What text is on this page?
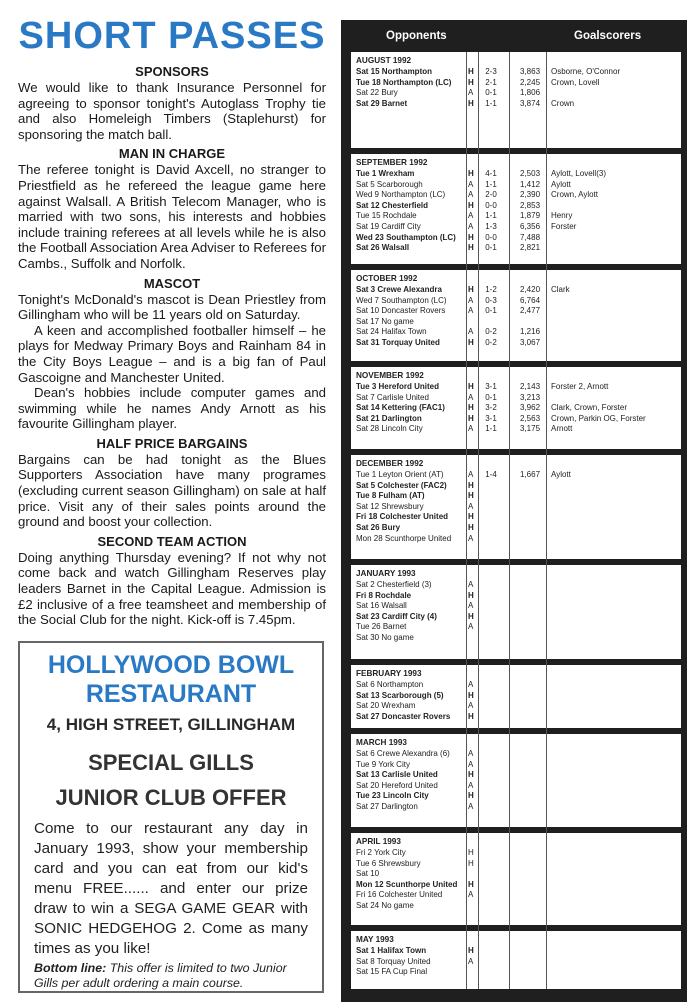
SHORT PASSES
SPONSORS

We would like to thank Insurance Personnel for agreeing to sponsor tonight's Autoglass Trophy tie and also Homeleigh Timbers (Staplehurst) for sponsoring the match ball.

MAN IN CHARGE

The referee tonight is David Axcell, no stranger to Priestfield as he refereed the league game here against Walsall. A British Telecom Manager, who is married with two sons, his interests and hobbies include training referees at all levels while he is also the Football Association Area Adviser to Referees for Cambs., Suffolk and Norfolk.

MASCOT

Tonight's McDonald's mascot is Dean Priestley from Gillingham who will be 11 years old on Saturday.

A keen and accomplished footballer himself – he plays for Medway Primary Boys and Rainham 84 in the City Boys League – and is a big fan of Paul Gascoigne and Manchester United.

Dean's hobbies include computer games and swimming while he names Andy Arnott as his favourite Gillingham player.

HALF PRICE BARGAINS

Bargains can be had tonight as the Blues Supporters Association have many programes (excluding current season Gillingham) on sale at half price. Visit any of their sales points around the ground and boost your collection.

SECOND TEAM ACTION

Doing anything Thursday evening? If not why not come back and watch Gillingham Reserves play leaders Barnet in the Capital League. Admission is £2 inclusive of a free teamsheet and membership of the Social Club for the night. Kick-off is 7.45pm.

HOLLYWOOD BOWL
RESTAURANT
4, HIGH STREET, GILLINGHAM
SPECIAL GILLS
JUNIOR CLUB OFFER

Come to our restaurant any day in January 1993, show your membership card and you can eat from our kid's menu FREE...... and enter our prize draw to win a SEGA GAME GEAR with SONIC HEDGEHOG 2. Come as many times as you like!

Bottom line: This offer is limited to two Junior Gills per adult ordering a main course.
Opponents	Goalscorers
AUGUST 1992
Sat 15 Northampton	H	2-3	3,863 Osborne, O'Connor
Tue 18 Northampton (LC) H	2-1	2,245 Crown, Lovell
Sat 22 Bury	A	0-1	1,806
Sat 29 Barnet	H	1-1	3,874 Crown
SEPTEMBER 1992
Tue 1 Wrexham	H	4-1	2,503 Aylott, Lovell(3)
Sat 5 Scarborough	A	1-1	1,412 Aylott
Wed 9 Northampton (LC)	A	2-0	2,390 Crown, Aylott
Sat 12 Chesterfield	H	0-0	2,853
Tue 15 Rochdale	A	1-1	1,879 Henry
Sat 19 Cardiff City	A	1-3	6,356 Forster
Wed 23 Southampton (LC) H	0-0	7,488
Sat 26 Walsall	H	0-1	2,821
OCTOBER 1992
Sat 3 Crewe Alexandra	H	1-2	2,420 Clark
Wed 7 Southampton (LC)	A	0-3	6,764
Sat 10 Doncaster Rovers	A	0-1	2,477
Sat 17 No game
Sat 24 Halifax Town	A	0-2	1,216
Sat 31 Torquay United	H	0-2	3,067
NOVEMBER 1992
Tue 3 Hereford United	H	3-1	2,143 Forster 2, Arnott
Sat 7 Carlisle United	A	0-1	3,213
Sat 14 Kettering (FAC1)	H	3-2	3,962 Clark, Crown, Forster
Sat 21 Darlington	H	3-1	2,563 Crown, Parkin OG, Forster
Sat 28 Lincoln City	A	1-1	3,175 Arnott
DECEMBER 1992
Tue 1 Leyton Orient (AT)	A	1-4	1,667 Aylott
Sat 5 Colchester (FAC2)	H
Tue 8 Fulham (AT)	H
Sat 12 Shrewsbury	A
Fri 18 Colchester United H
Sat 26 Bury	H
Mon 28 Scunthorpe United A
JANUARY 1993
Sat 2 Chesterfield (3)	A
Fri 8 Rochdale	H
Sat 16 Walsall	A
Sat 23 Cardiff City (4)	H
Tue 26 Barnet	A
Sat 30 No game
FEBRUARY 1993
Sat 6 Northampton	A
Sat 13 Scarborough (5)	H
Sat 20 Wrexham	A
Sat 27 Doncaster Rovers H
MARCH 1993
Sat 6 Crewe Alexandra (6) A
Tue 9 York City	A
Sat 13 Carlisle United	H
Sat 20 Hereford United	A
Tue 23 Lincoln City	H
Sat 27 Darlington	A
APRIL 1993
Fri 2 York City	H
Tue 6 Shrewsbury	H
Sat 10
Mon 12 Scunthorpe United H
Fri 16 Colchester United	A
Sat 24 No game
MAY 1993
Sat 1 Halifax Town	H
Sat 8 Torquay United	A
Sat 15 FA Cup Final
